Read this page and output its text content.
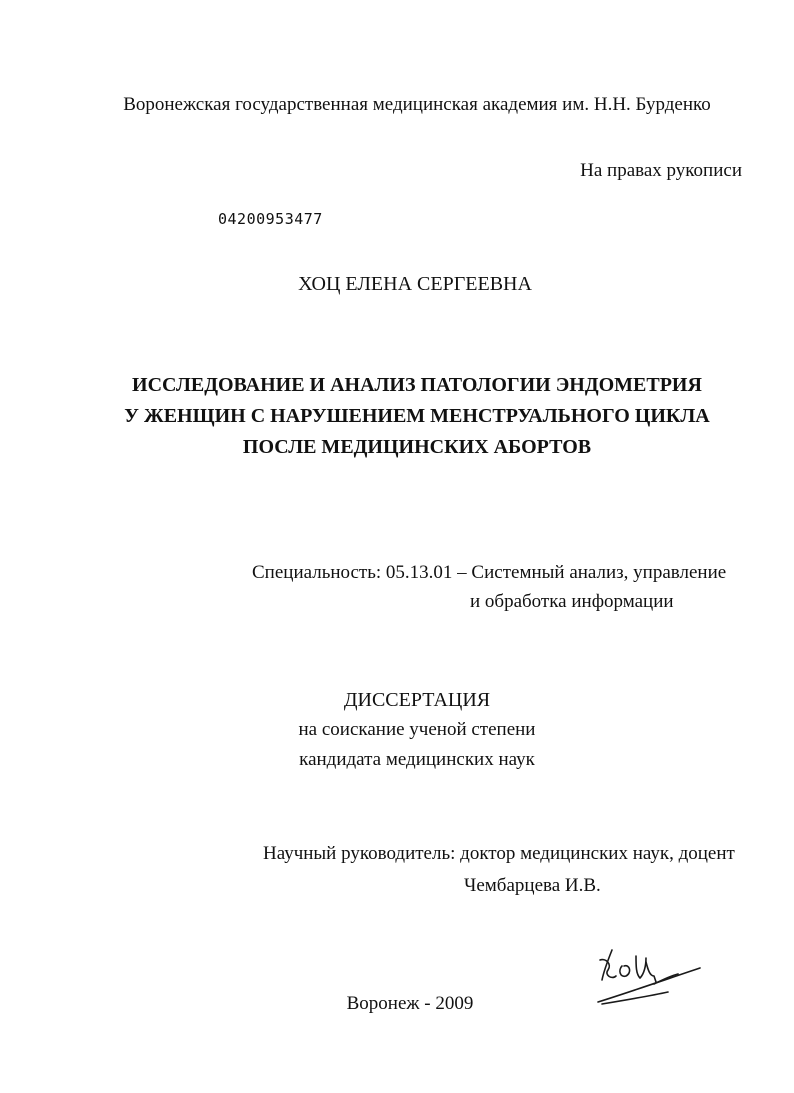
Воронежская государственная медицинская академия им. Н.Н. Бурденко
На правах рукописи
04200953477
ХОЦ ЕЛЕНА СЕРГЕЕВНА
ИССЛЕДОВАНИЕ И АНАЛИЗ ПАТОЛОГИИ ЭНДОМЕТРИЯ
У ЖЕНЩИН С НАРУШЕНИЕМ МЕНСТРУАЛЬНОГО ЦИКЛА
ПОСЛЕ МЕДИЦИНСКИХ АБОРТОВ
Специальность: 05.13.01 – Системный анализ, управление
и обработка информации
ДИССЕРТАЦИЯ
на соискание ученой степени
кандидата медицинских наук
Научный руководитель: доктор медицинских наук, доцент
Чембарцева И.В.
Воронеж - 2009
